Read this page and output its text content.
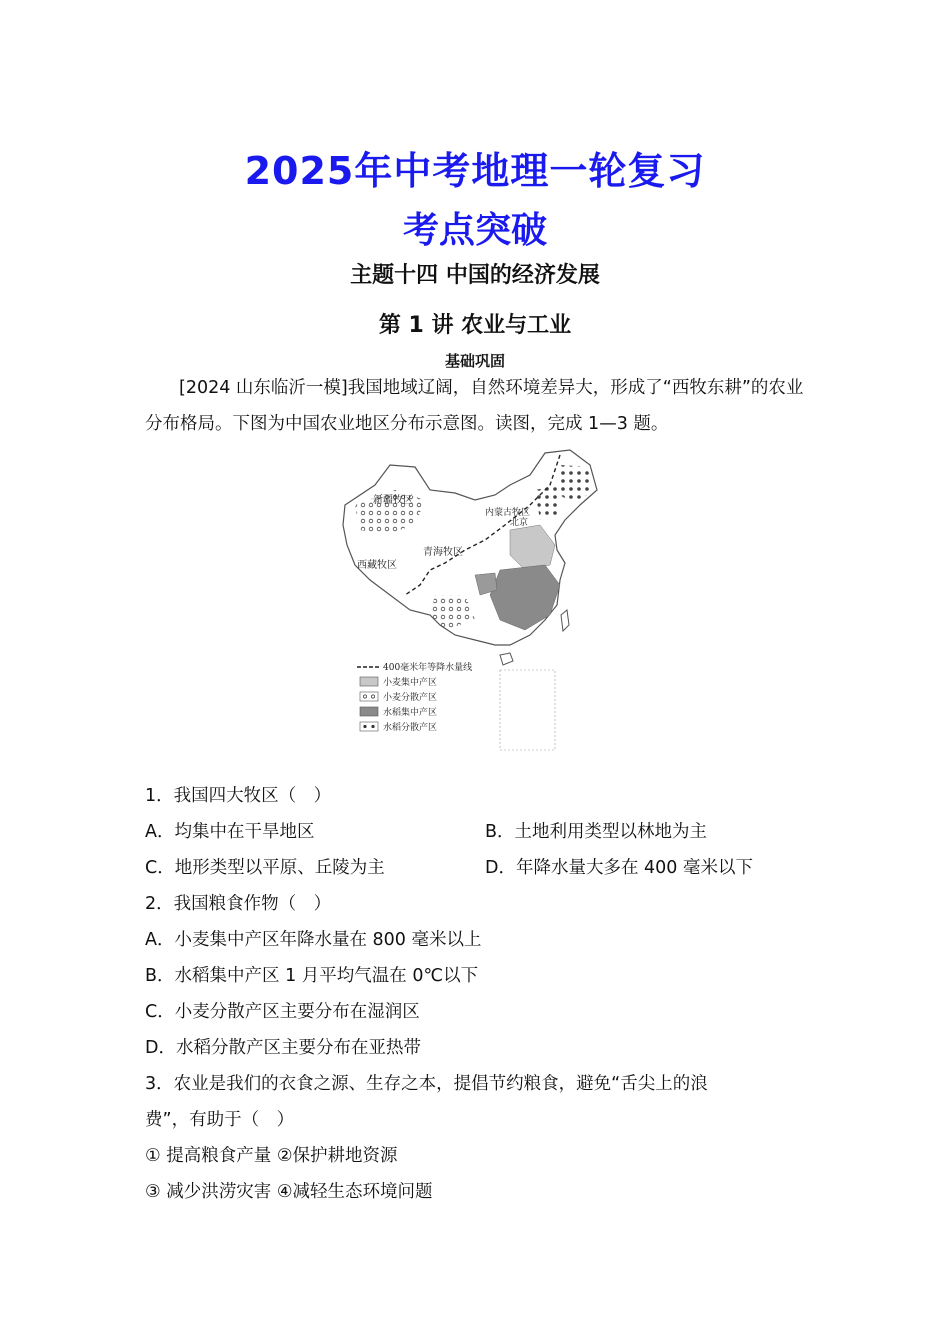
2025年中考地理一轮复习
考点突破
主题十四 中国的经济发展
第 1 讲 农业与工业
基础巩固

[2024 山东临沂一模]我国地域辽阔，自然环境差异大，形成了“西牧东耕”的农业分布格局。下图为中国农业地区分布示意图。读图，完成 1—3 题。

新疆牧区
西藏牧区
青海牧区
内蒙古牧区
北京
400毫米年等降水量线
小麦集中产区
小麦分散产区
水稻集中产区
水稻分散产区
1．我国四大牧区（　）
A．均集中在干旱地区	B．土地利用类型以林地为主
C．地形类型以平原、丘陵为主	D．年降水量大多在 400 毫米以下
2．我国粮食作物（　）
A．小麦集中产区年降水量在 800 毫米以上
B．水稻集中产区 1 月平均气温在 0℃以下
C．小麦分散产区主要分布在湿润区
D．水稻分散产区主要分布在亚热带
3．农业是我们的衣食之源、生存之本，提倡节约粮食，避免“舌尖上的浪
费”，有助于（　）
① 提高粮食产量 ②保护耕地资源
③ 减少洪涝灾害 ④减轻生态环境问题
